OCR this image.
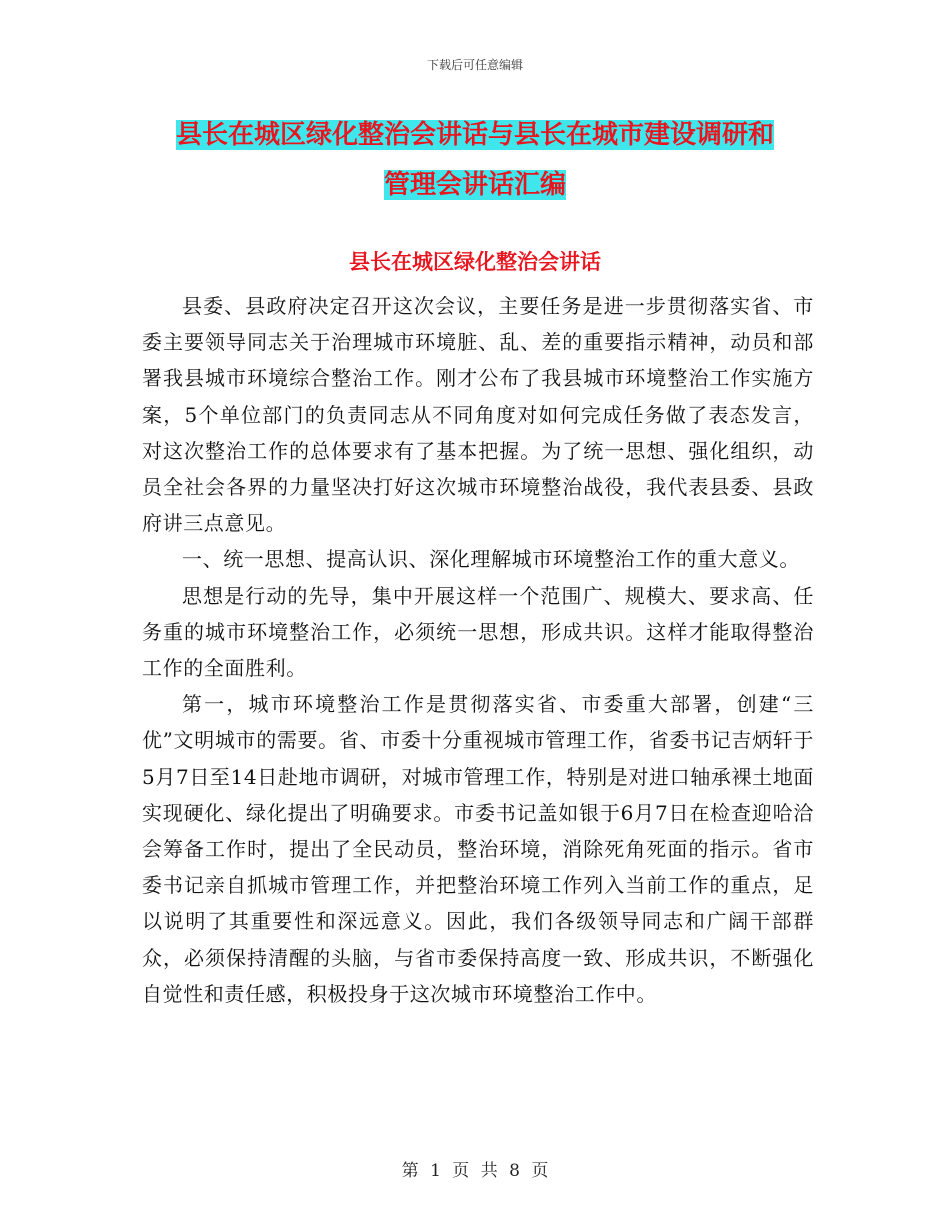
下载后可任意编辑
县长在城区绿化整治会讲话与县长在城市建设调研和
管理会讲话汇编
县长在城区绿化整治会讲话

县委、县政府决定召开这次会议，主要任务是进一步贯彻落实省、市委主要领导同志关于治理城市环境脏、乱、差的重要指示精神，动员和部署我县城市环境综合整治工作。刚才公布了我县城市环境整治工作实施方案，5个单位部门的负责同志从不同角度对如何完成任务做了表态发言，对这次整治工作的总体要求有了基本把握。为了统一思想、强化组织，动员全社会各界的力量坚决打好这次城市环境整治战役，我代表县委、县政府讲三点意见。

一、统一思想、提高认识、深化理解城市环境整治工作的重大意义。

思想是行动的先导，集中开展这样一个范围广、规模大、要求高、任务重的城市环境整治工作，必须统一思想，形成共识。这样才能取得整治工作的全面胜利。

第一，城市环境整治工作是贯彻落实省、市委重大部署，创建“三优”文明城市的需要。省、市委十分重视城市管理工作，省委书记吉炳轩于5月7日至14日赴地市调研，对城市管理工作，特别是对进口轴承裸土地面实现硬化、绿化提出了明确要求。市委书记盖如银于6月7日在检查迎哈洽会筹备工作时，提出了全民动员，整治环境，消除死角死面的指示。省市委书记亲自抓城市管理工作，并把整治环境工作列入当前工作的重点，足以说明了其重要性和深远意义。因此，我们各级领导同志和广阔干部群众，必须保持清醒的头脑，与省市委保持高度一致、形成共识，不断强化自觉性和责任感，积极投身于这次城市环境整治工作中。

第 1 页 共 8 页
